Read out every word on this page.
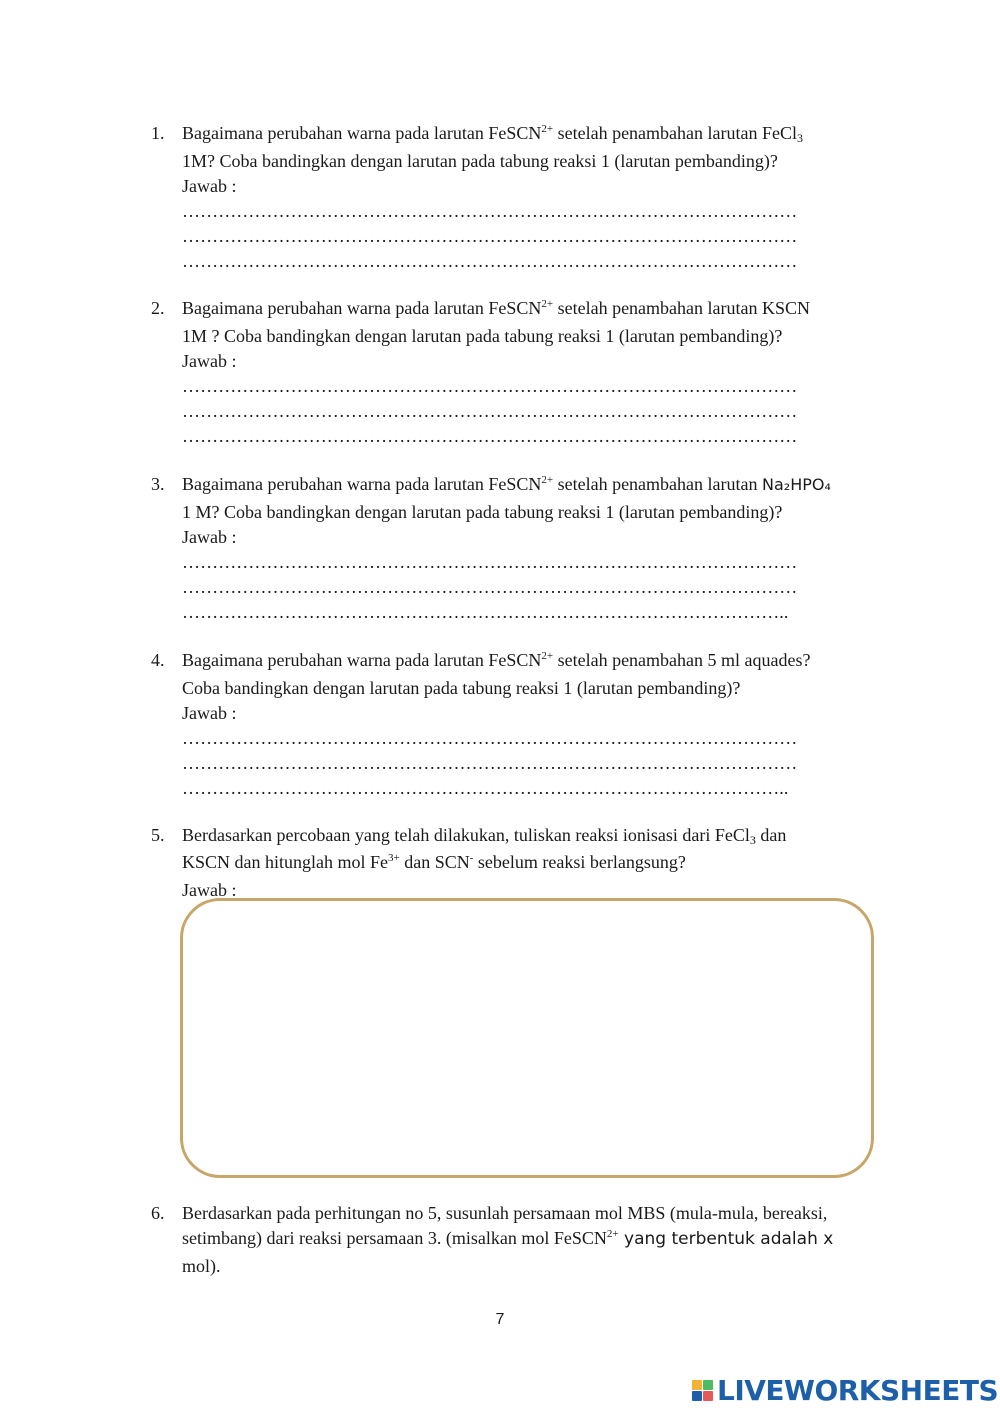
1. Bagaimana perubahan warna pada larutan FeSCN$^{2+}$ setelah penambahan larutan FeCl$_3$

1M? Coba bandingkan dengan larutan pada tabung reaksi 1 (larutan pembanding)?

Jawab :

…………………………………………………………………………………………

…………………………………………………………………………………………

…………………………………………………………………………………………

2. Bagaimana perubahan warna pada larutan FeSCN$^{2+}$ setelah penambahan larutan KSCN

1M ? Coba bandingkan dengan larutan pada tabung reaksi 1 (larutan pembanding)?

Jawab :

…………………………………………………………………………………………

…………………………………………………………………………………………

…………………………………………………………………………………………

3. Bagaimana perubahan warna pada larutan FeSCN$^{2+}$ setelah penambahan larutan Na₂HPO₄

1 M? Coba bandingkan dengan larutan pada tabung reaksi 1 (larutan pembanding)?

Jawab :

…………………………………………………………………………………………

…………………………………………………………………………………………

………………………………………………………………………………………..

4. Bagaimana perubahan warna pada larutan FeSCN$^{2+}$ setelah penambahan 5 ml aquades?

Coba bandingkan dengan larutan pada tabung reaksi 1 (larutan pembanding)?

Jawab :

…………………………………………………………………………………………

…………………………………………………………………………………………

………………………………………………………………………………………..

5. Berdasarkan percobaan yang telah dilakukan, tuliskan reaksi ionisasi dari FeCl$_3$ dan

KSCN dan hitunglah mol $Fe^{3+}$ dan SCN- sebelum reaksi berlangsung?

Jawab :

6. Berdasarkan pada perhitungan no 5, susunlah persamaan mol MBS (mula-mula, bereaksi,

setimbang) dari reaksi persamaan 3. (misalkan mol FeSCN$^{2+}$ yang terbentuk adalah x

mol).

7
LIVEWORKSHEETS
